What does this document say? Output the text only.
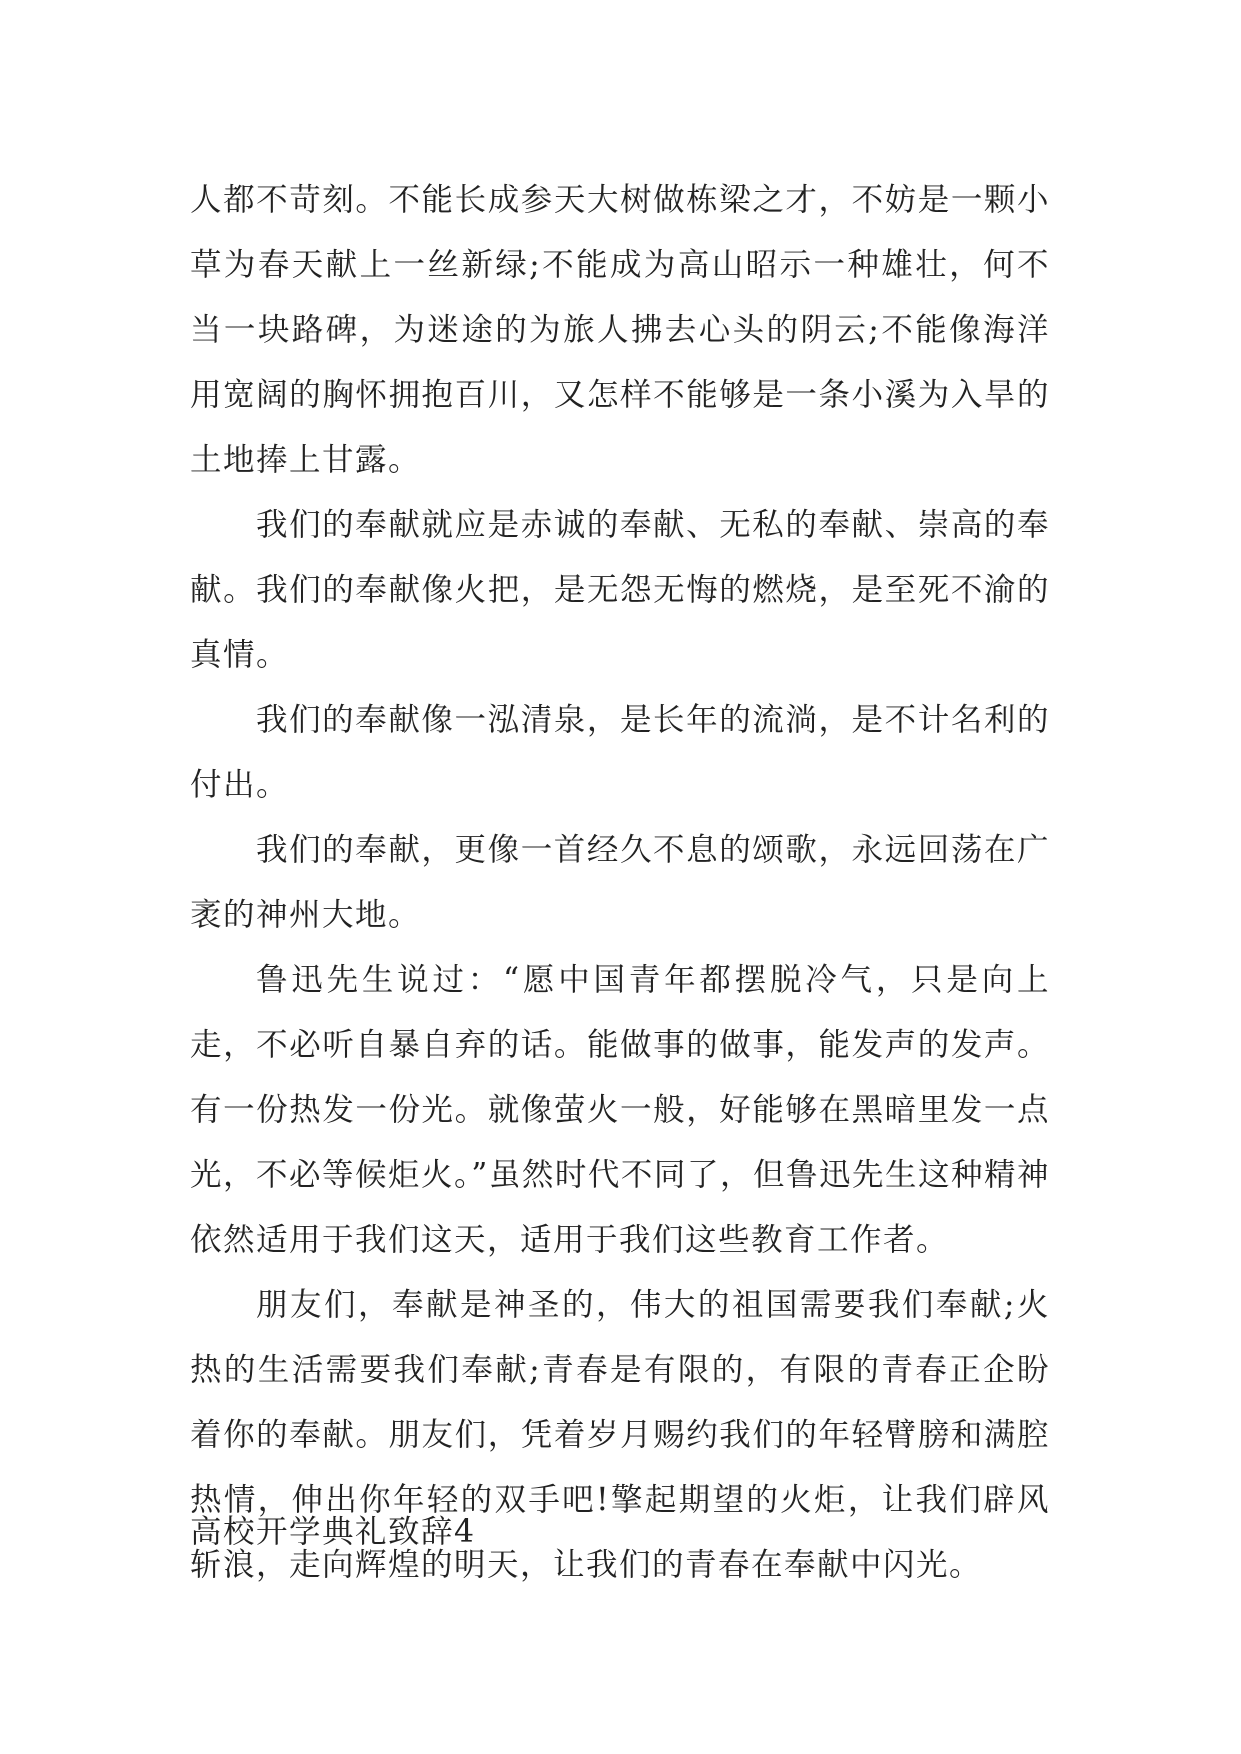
人都不苛刻。不能长成参天大树做栋梁之才，不妨是一颗小草为春天献上一丝新绿;不能成为高山昭示一种雄壮，何不当一块路碑，为迷途的为旅人拂去心头的阴云;不能像海洋用宽阔的胸怀拥抱百川，又怎样不能够是一条小溪为入旱的土地捧上甘露。

我们的奉献就应是赤诚的奉献、无私的奉献、崇高的奉献。我们的奉献像火把，是无怨无悔的燃烧，是至死不渝的真情。

我们的奉献像一泓清泉，是长年的流淌，是不计名利的付出。

我们的奉献，更像一首经久不息的颂歌，永远回荡在广袤的神州大地。

鲁迅先生说过：“愿中国青年都摆脱冷气，只是向上走，不必听自暴自弃的话。能做事的做事，能发声的发声。有一份热发一份光。就像萤火一般，好能够在黑暗里发一点光，不必等候炬火。”虽然时代不同了，但鲁迅先生这种精神依然适用于我们这天，适用于我们这些教育工作者。

朋友们，奉献是神圣的，伟大的祖国需要我们奉献;火热的生活需要我们奉献;青春是有限的，有限的青春正企盼着你的奉献。朋友们，凭着岁月赐约我们的年轻臂膀和满腔热情，伸出你年轻的双手吧!擎起期望的火炬，让我们辟风斩浪，走向辉煌的明天，让我们的青春在奉献中闪光。

高校开学典礼致辞4
